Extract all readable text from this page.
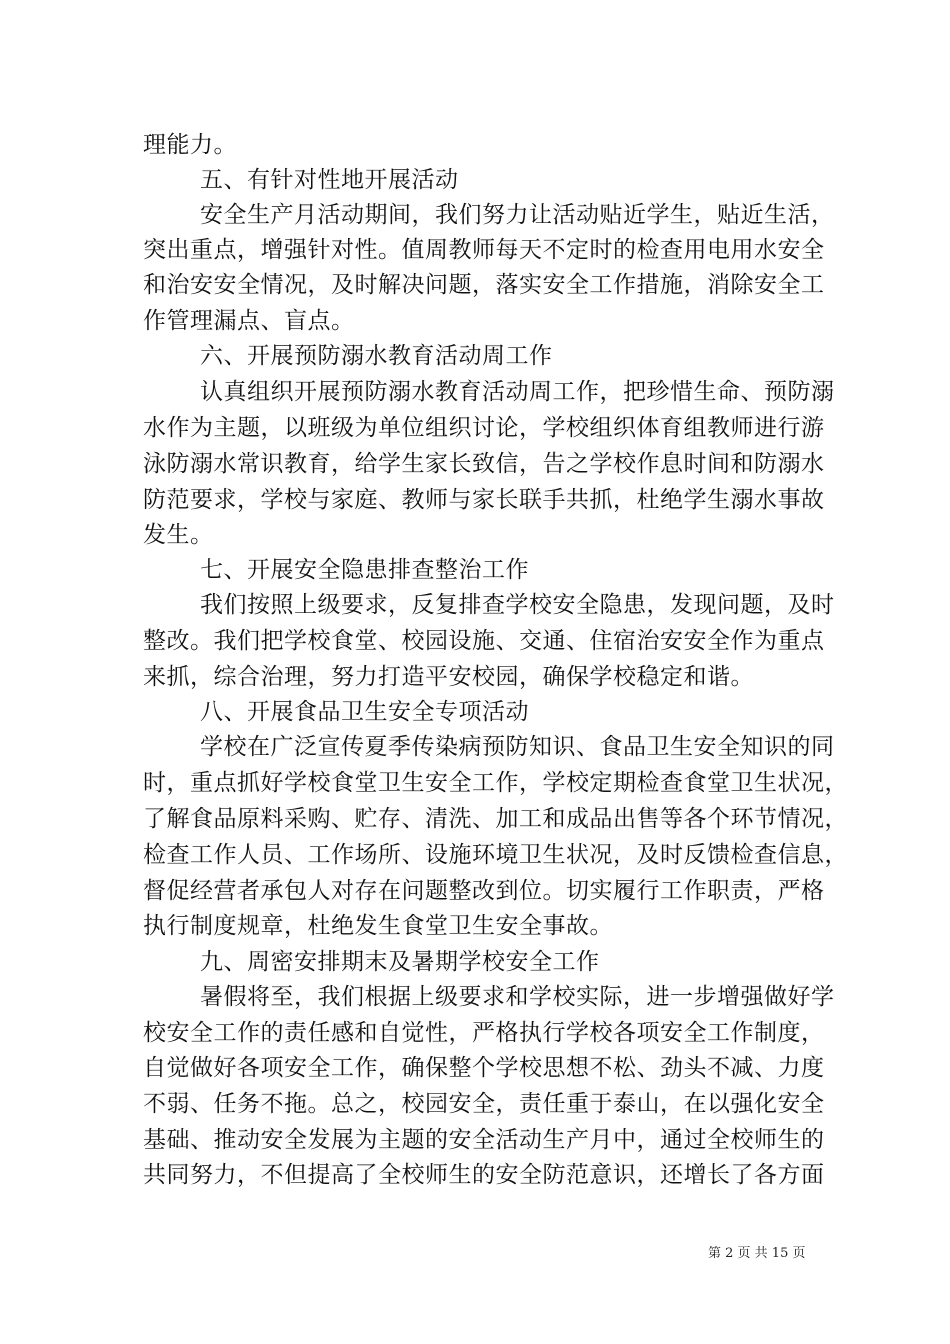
理能力。
五、有针对性地开展活动
安全生产月活动期间，我们努力让活动贴近学生，贴近生活，
突出重点，增强针对性。值周教师每天不定时的检查用电用水安全
和治安安全情况，及时解决问题，落实安全工作措施，消除安全工
作管理漏点、盲点。
六、开展预防溺水教育活动周工作
认真组织开展预防溺水教育活动周工作，把珍惜生命、预防溺
水作为主题，以班级为单位组织讨论，学校组织体育组教师进行游
泳防溺水常识教育，给学生家长致信，告之学校作息时间和防溺水
防范要求，学校与家庭、教师与家长联手共抓，杜绝学生溺水事故
发生。
七、开展安全隐患排查整治工作
我们按照上级要求，反复排查学校安全隐患，发现问题，及时
整改。我们把学校食堂、校园设施、交通、住宿治安安全作为重点
来抓，综合治理，努力打造平安校园，确保学校稳定和谐。
八、开展食品卫生安全专项活动
学校在广泛宣传夏季传染病预防知识、食品卫生安全知识的同
时，重点抓好学校食堂卫生安全工作，学校定期检查食堂卫生状况，
了解食品原料采购、贮存、清洗、加工和成品出售等各个环节情况，
检查工作人员、工作场所、设施环境卫生状况，及时反馈检查信息，
督促经营者承包人对存在问题整改到位。切实履行工作职责，严格
执行制度规章，杜绝发生食堂卫生安全事故。
九、周密安排期末及暑期学校安全工作
暑假将至，我们根据上级要求和学校实际，进一步增强做好学
校安全工作的责任感和自觉性，严格执行学校各项安全工作制度，
自觉做好各项安全工作，确保整个学校思想不松、劲头不减、力度
不弱、任务不拖。总之，校园安全，责任重于泰山，在以强化安全
基础、推动安全发展为主题的安全活动生产月中，通过全校师生的
共同努力，不但提高了全校师生的安全防范意识，还增长了各方面
第 2 页 共 15 页
